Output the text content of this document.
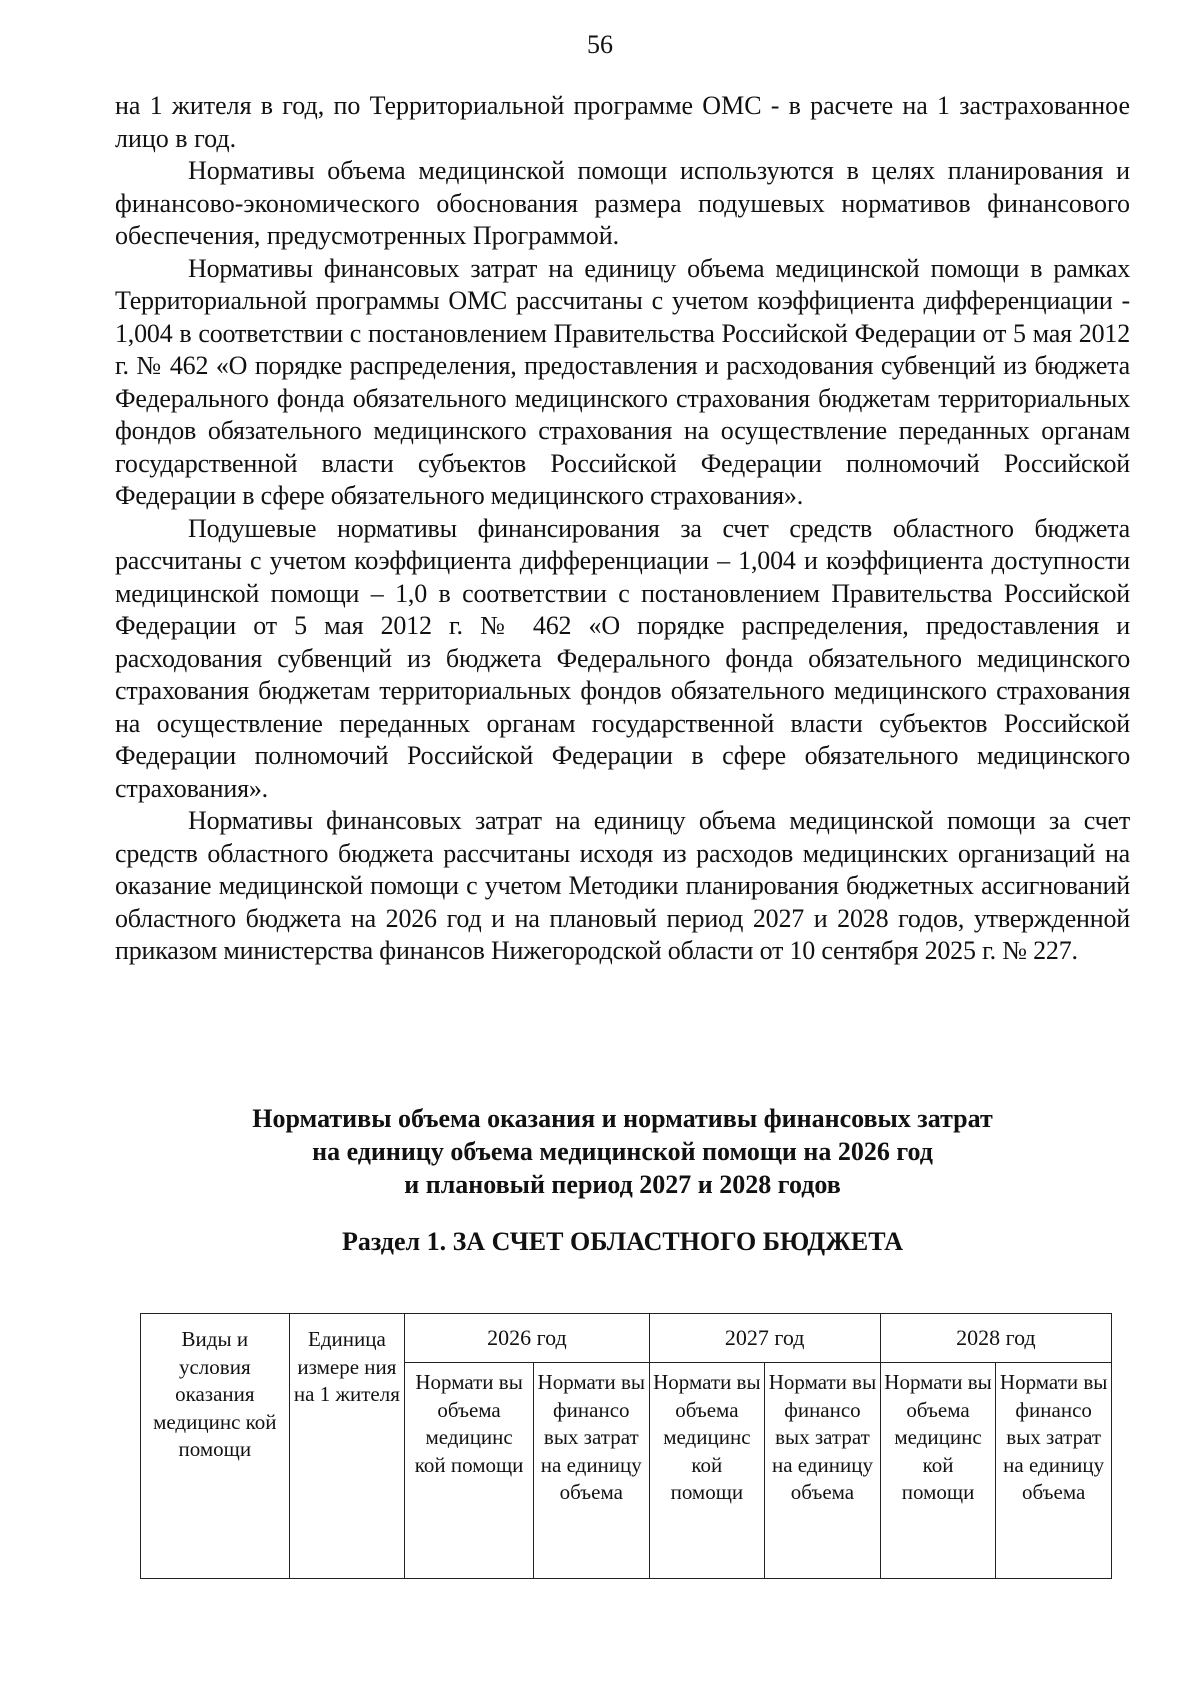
56

на 1 жителя в год, по Территориальной программе ОМС - в расчете на 1 застрахованное лицо в год.

Нормативы объема медицинской помощи используются в целях планирования и финансово-экономического обоснования размера подушевых нормативов финансового обеспечения, предусмотренных Программой.

Нормативы финансовых затрат на единицу объема медицинской помощи в рамках Территориальной программы ОМС рассчитаны с учетом коэффициента дифференциации - 1,004 в соответствии с постановлением Правительства Российской Федерации от 5 мая 2012 г. № 462 «О порядке распределения, предоставления и расходования субвенций из бюджета Федерального фонда обязательного медицинского страхования бюджетам территориальных фондов обязательного медицинского страхования на осуществление переданных органам государственной власти субъектов Российской Федерации полномочий Российской Федерации в сфере обязательного медицинского страхования».

Подушевые нормативы финансирования за счет средств областного бюджета рассчитаны с учетом коэффициента дифференциации – 1,004 и коэффициента доступности медицинской помощи – 1,0 в соответствии с постановлением Правительства Российской Федерации от 5 мая 2012 г. № 462 «О порядке распределения, предоставления и расходования субвенций из бюджета Федерального фонда обязательного медицинского страхования бюджетам территориальных фондов обязательного медицинского страхования на осуществление переданных органам государственной власти субъектов Российской Федерации полномочий Российской Федерации в сфере обязательного медицинского страхования».

Нормативы финансовых затрат на единицу объема медицинской помощи за счет средств областного бюджета рассчитаны исходя из расходов медицинских организаций на оказание медицинской помощи с учетом Методики планирования бюджетных ассигнований областного бюджета на 2026 год и на плановый период 2027 и 2028 годов, утвержденной приказом министерства финансов Нижегородской области от 10 сентября 2025 г. № 227.

Нормативы объема оказания и нормативы финансовых затрат
на единицу объема медицинской помощи на 2026 год
и плановый период 2027 и 2028 годов
Раздел 1. ЗА СЧЕТ ОБЛАСТНОГО БЮДЖЕТА
Виды и условия оказания медицинс кой помощи	Единица измере ния на 1 жителя	2026 год		2027 год		2028 год	
		Нормати вы объема медицинс кой помощи	Нормати вы финансо вых затрат на единицу объема	Нормати вы объема медицинс кой помощи	Нормати вы финансо вых затрат на единицу объема	Нормати вы объема медицинс кой помощи	Нормати вы финансо вых затрат на единицу объема
